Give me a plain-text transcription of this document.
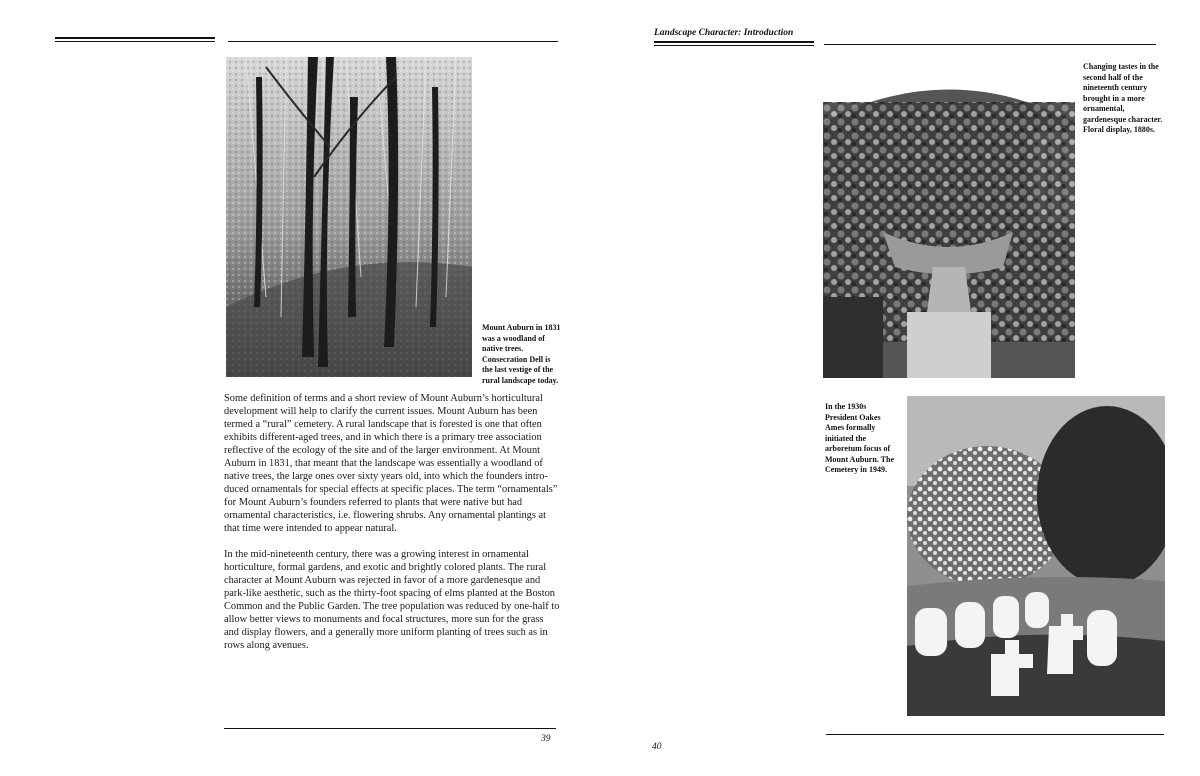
Mount Auburn in 1831 was a woodland of native trees. Consecration Dell is the last vestige of the rural landscape today.

Some definition of terms and a short review of Mount Auburn’s horticultural development will help to clarify the current issues. Mount Auburn has been termed a “rural” cemetery. A rural landscape that is forested is one that often exhibits different-aged trees, and in which there is a primary tree association reflective of the ecology of the site and of the larger environment. At Mount Auburn in 1831, that meant that the landscape was essentially a woodland of native trees, the large ones over sixty years old, into which the founders intro-duced ornamentals for special effects at specific places. The term “ornamentals” for Mount Auburn’s founders referred to plants that were native but had ornamental characteristics, i.e. flowering shrubs. Any ornamental plantings at that time were intended to appear natural.

In the mid-nineteenth century, there was a growing interest in ornamental horticulture, formal gardens, and exotic and brightly colored plants. The rural character at Mount Auburn was rejected in favor of a more gardenesque and park-like aesthetic, such as the thirty-foot spacing of elms planted at the Boston Common and the Public Garden. The tree population was reduced by one-half to allow better views to monuments and focal structures, more sun for the grass and display flowers, and a generally more uniform planting of trees such as in rows along avenues.

39
Landscape Character: Introduction
Changing tastes in the second half of the nineteenth century brought in a more ornamental, gardenesque character. Floral display, 1880s.
In the 1930s President Oakes Ames formally initiated the arboretum focus of Mount Auburn. The Cemetery in 1949.
40
